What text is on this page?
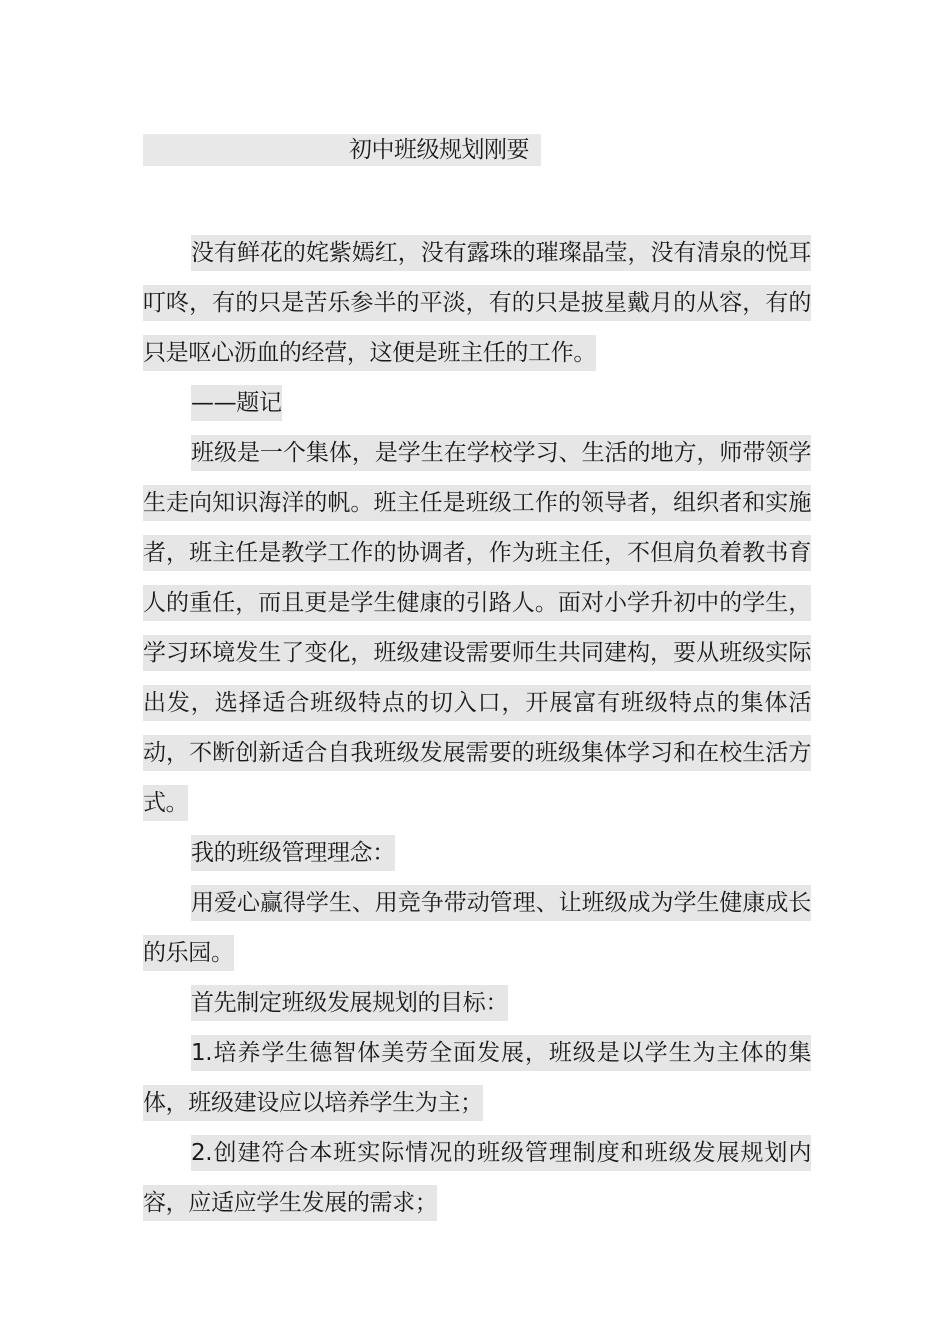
初中班级规划刚要

没有鲜花的姹紫嫣红，没有露珠的璀璨晶莹，没有清泉的悦耳叮咚，有的只是苦乐参半的平淡，有的只是披星戴月的从容，有的只是呕心沥血的经营，这便是班主任的工作。

——题记

班级是一个集体，是学生在学校学习、生活的地方，师带领学生走向知识海洋的帆。班主任是班级工作的领导者，组织者和实施者，班主任是教学工作的协调者，作为班主任，不但肩负着教书育人的重任，而且更是学生健康的引路人。面对小学升初中的学生，学习环境发生了变化，班级建设需要师生共同建构，要从班级实际出发，选择适合班级特点的切入口，开展富有班级特点的集体活动，不断创新适合自我班级发展需要的班级集体学习和在校生活方式。

我的班级管理理念：

用爱心赢得学生、用竞争带动管理、让班级成为学生健康成长的乐园。

首先制定班级发展规划的目标：

1.培养学生德智体美劳全面发展，班级是以学生为主体的集体，班级建设应以培养学生为主；

2.创建符合本班实际情况的班级管理制度和班级发展规划内容，应适应学生发展的需求；
